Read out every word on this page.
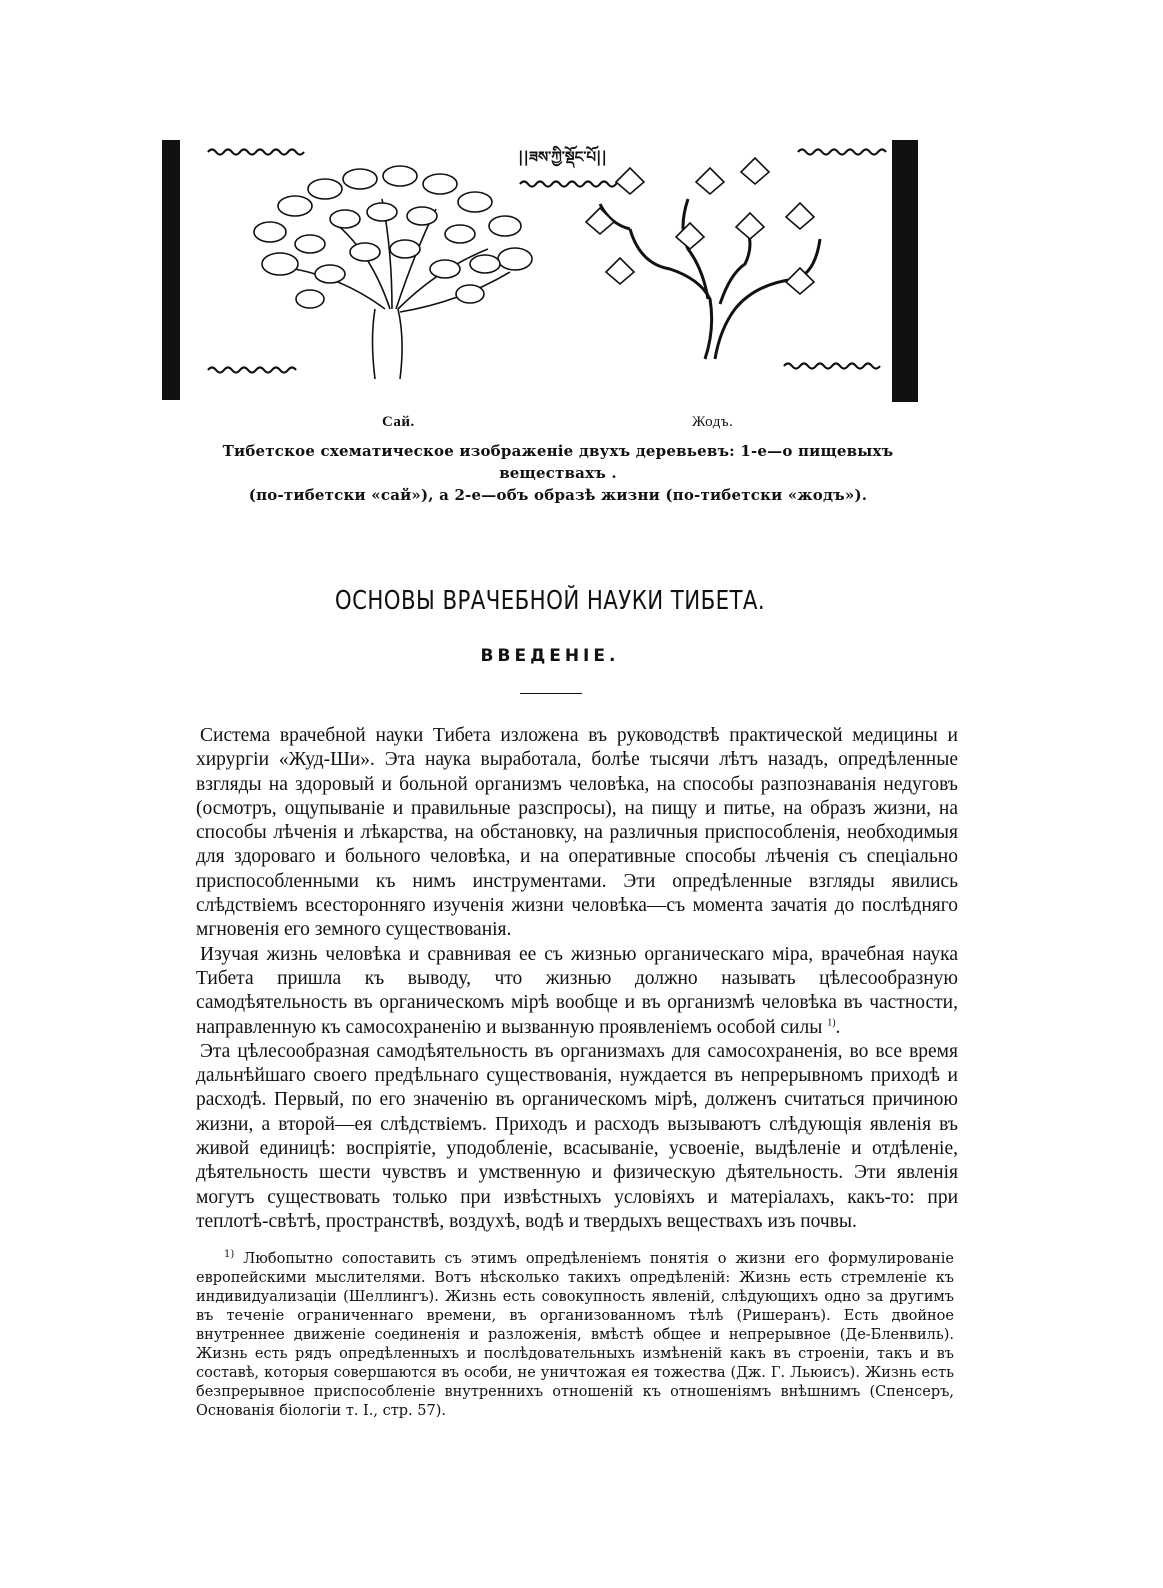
||ཟས་ཀྱི་སྡོང་པོ||
Сай.	Жодъ.
Тибетское схематическое изображеніе двухъ деревьевъ: 1-е—о пищевыхъ веществахъ .
(по-тибетски «сай»), а 2-е—объ образѣ жизни (по-тибетски «жодъ»).
ОСНОВЫ ВРАЧЕБНОЙ НАУКИ ТИБЕТА.
ВВЕДЕНІЕ.

Система врачебной науки Тибета изложена въ руководствѣ практической медицины и хирургіи «Жуд-Ши». Эта наука выработала, болѣе тысячи лѣтъ назадъ, опредѣленные взгляды на здоровый и больной организмъ человѣка, на способы разпознаванія недуговъ (осмотръ, ощупываніе и правильные разспросы), на пищу и питье, на образъ жизни, на способы лѣченія и лѣкарства, на обстановку, на различныя приспособленія, необходимыя для здороваго и больного человѣка, и на оперативные способы лѣченія съ спеціально приспособленными къ нимъ инструментами. Эти опредѣленные взгляды явились слѣдствіемъ всесторонняго изученія жизни человѣка—съ момента зачатія до послѣдняго мгновенія его земного существованія.

Изучая жизнь человѣка и сравнивая ее съ жизнью органическаго міра, врачебная наука Тибета пришла къ выводу, что жизнью должно называть цѣлесообразную самодѣятельность въ органическомъ мірѣ вообще и въ организмѣ человѣка въ частности, направленную къ самосохраненію и вызванную проявленіемъ особой силы $^{1)}$.

Эта цѣлесообразная самодѣятельность въ организмахъ для самосохраненія, во все время дальнѣйшаго своего предѣльнаго существованія, нуждается въ непрерывномъ приходѣ и расходѣ. Первый, по его значенію въ органическомъ мірѣ, долженъ считаться причиною жизни, а второй—ея слѣдствіемъ. Приходъ и расходъ вызываютъ слѣдующія явленія въ живой единицѣ: воспріятіе, уподобленіе, всасываніе, усвоеніе, выдѣленіе и отдѣленіе, дѣятельность шести чувствъ и умственную и физическую дѣятельность. Эти явленія могутъ существовать только при извѣстныхъ условіяхъ и матеріалахъ, какъ-то: при теплотѣ-свѣтѣ, пространствѣ, воздухѣ, водѣ и твердыхъ веществахъ изъ почвы.

$^{1)}$ Любопытно сопоставить съ этимъ опредѣленіемъ понятія о жизни его формулированіе европейскими мыслителями. Вотъ нѣсколько такихъ опредѣленій: Жизнь есть стремленіе къ индивидуализаціи (Шеллингъ). Жизнь есть совокупность явленій, слѣдующихъ одно за другимъ въ теченіе ограниченнаго времени, въ организованномъ тѣлѣ (Ришеранъ). Есть двойное внутреннее движеніе соединенія и разложенія, вмѣстѣ общее и непрерывное (Де-Бленвиль). Жизнь есть рядъ опредѣленныхъ и послѣдовательныхъ измѣненій какъ въ строеніи, такъ и въ составѣ, которыя совершаются въ особи, не уничтожая ея тожества (Дж. Г. Льюисъ). Жизнь есть безпрерывное приспособленіе внутреннихъ отношеній къ отношеніямъ внѣшнимъ (Спенсеръ, Основанія біологіи т. I., стр. 57).
